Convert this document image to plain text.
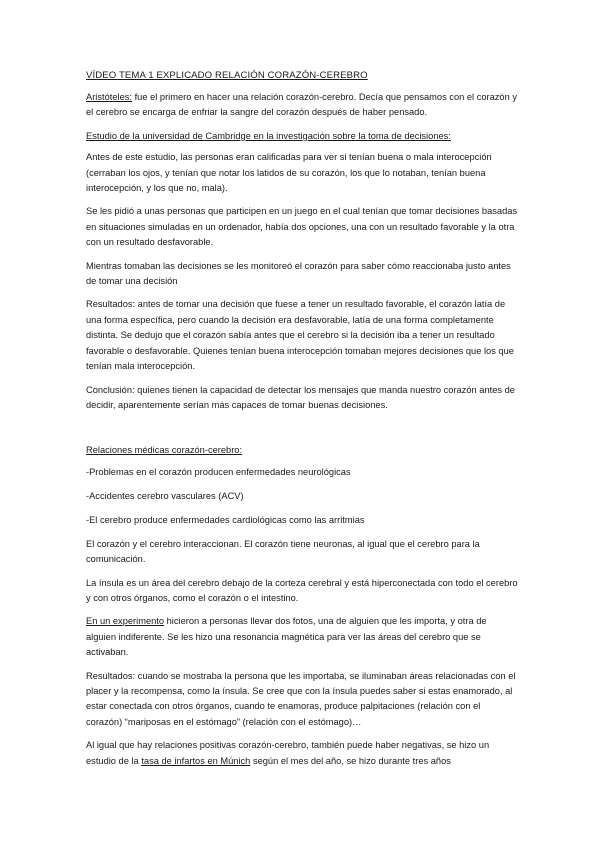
VÍDEO TEMA 1 EXPLICADO RELACIÓN CORAZÓN-CEREBRO
Aristóteles: fue el primero en hacer una relación corazón-cerebro. Decía que pensamos con el corazón y el cerebro se encarga de enfriar la sangre del corazón después de haber pensado.
Estudio de la universidad de Cambridge en la investigación sobre la toma de decisiones:
Antes de este estudio, las personas eran calificadas para ver si tenían buena o mala interocepción (cerraban los ojos, y tenían que notar los latidos de su corazón, los que lo notaban, tenían buena interocepción, y los que no, mala).
Se les pidió a unas personas que participen en un juego en el cual tenían que tomar decisiones basadas en situaciones simuladas en un ordenador, había dos opciones, una con un resultado favorable y la otra con un resultado desfavorable.
Mientras tomaban las decisiones se les monitoreó el corazón para saber cómo reaccionaba justo antes de tomar una decisión
Resultados: antes de tomar una decisión que fuese a tener un resultado favorable, el corazón latía de una forma específica, pero cuando la decisión era desfavorable, latía de una forma completamente distinta. Se dedujo que el corazón sabía antes que el cerebro si la decisión iba a tener un resultado favorable o desfavorable. Quienes tenían buena interocepción tomaban mejores decisiones que los que tenían mala interocepción.
Conclusión: quienes tienen la capacidad de detectar los mensajes que manda nuestro corazón antes de decidir, aparentemente serían más capaces de tomar buenas decisiones.
Relaciones médicas corazón-cerebro:
-Problemas en el corazón producen enfermedades neurológicas
-Accidentes cerebro vasculares (ACV)
-El cerebro produce enfermedades cardiológicas como las arritmias
El corazón y el cerebro interaccionan. El corazón tiene neuronas, al igual que el cerebro para la comunicación.
La ínsula es un área del cerebro debajo de la corteza cerebral y está hiperconectada con todo el cerebro y con otros órganos, como el corazón o el intestino.
En un experimento hicieron a personas llevar dos fotos, una de alguien que les importa, y otra de alguien indiferente. Se les hizo una resonancia magnética para ver las áreas del cerebro que se activaban.
Resultados: cuando se mostraba la persona que les importaba, se iluminaban áreas relacionadas con el placer y la recompensa, como la ínsula. Se cree que con la ínsula puedes saber si estas enamorado, al estar conectada con otros órganos, cuando te enamoras, produce palpitaciones (relación con el corazón) “mariposas en el estómago” (relación con el estómago)…
Al igual que hay relaciones positivas corazón-cerebro, también puede haber negativas, se hizo un estudio de la tasa de infartos en Múnich según el mes del año, se hizo durante tres años
